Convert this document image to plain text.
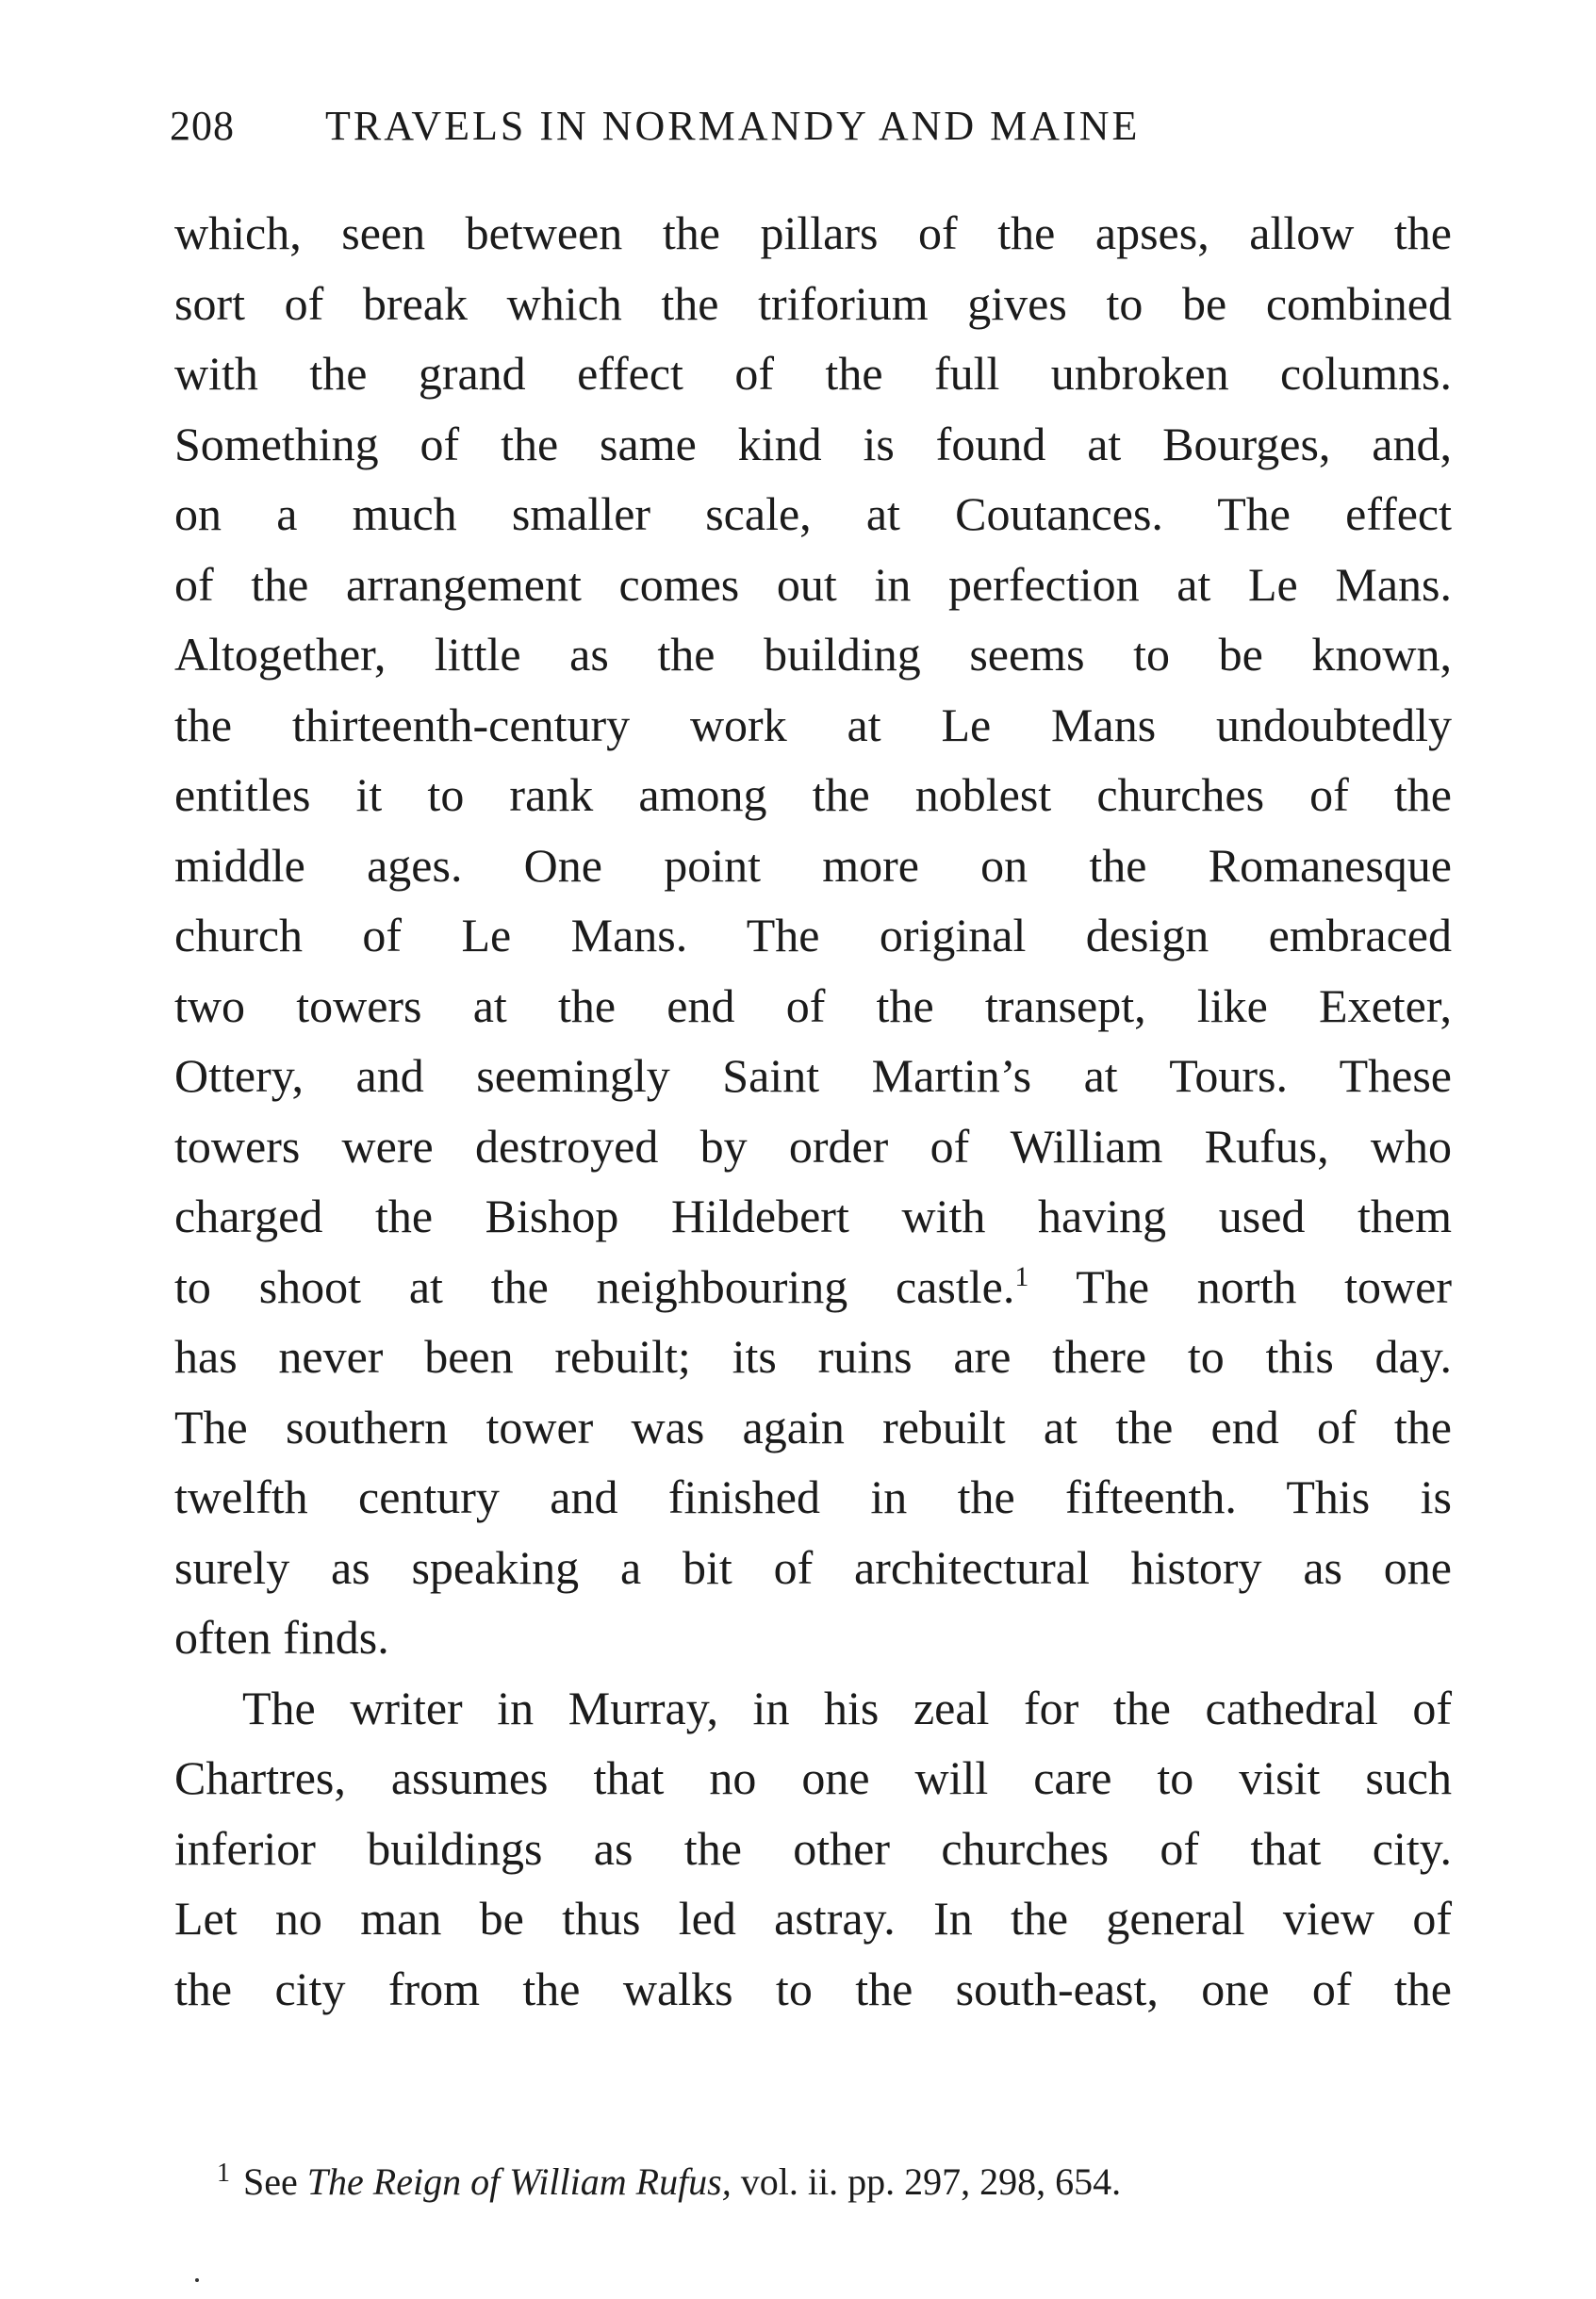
208 TRAVELS IN NORMANDY AND MAINE
which, seen between the pillars of the apses, allow the
sort of break which the triforium gives to be combined
with the grand effect of the full unbroken columns.
Something of the same kind is found at Bourges, and,
on a much smaller scale, at Coutances. The effect
of the arrangement comes out in perfection at Le Mans.
Altogether, little as the building seems to be known,
the thirteenth-century work at Le Mans undoubtedly
entitles it to rank among the noblest churches of the
middle ages. One point more on the Romanesque
church of Le Mans. The original design embraced
two towers at the end of the transept, like Exeter,
Ottery, and seemingly Saint Martin’s at Tours. These
towers were destroyed by order of William Rufus, who
charged the Bishop Hildebert with having used them
to shoot at the neighbouring castle.$^1$ The north tower
has never been rebuilt; its ruins are there to this day.
The southern tower was again rebuilt at the end of the
twelfth century and finished in the fifteenth. This is
surely as speaking a bit of architectural history as one
often finds.
The writer in Murray, in his zeal for the cathedral of
Chartres, assumes that no one will care to visit such
inferior buildings as the other churches of that city.
Let no man be thus led astray. In the general view of
the city from the walks to the south-east, one of the
$^1$ See The Reign of William Rufus, vol. ii. pp. 297, 298, 654.
